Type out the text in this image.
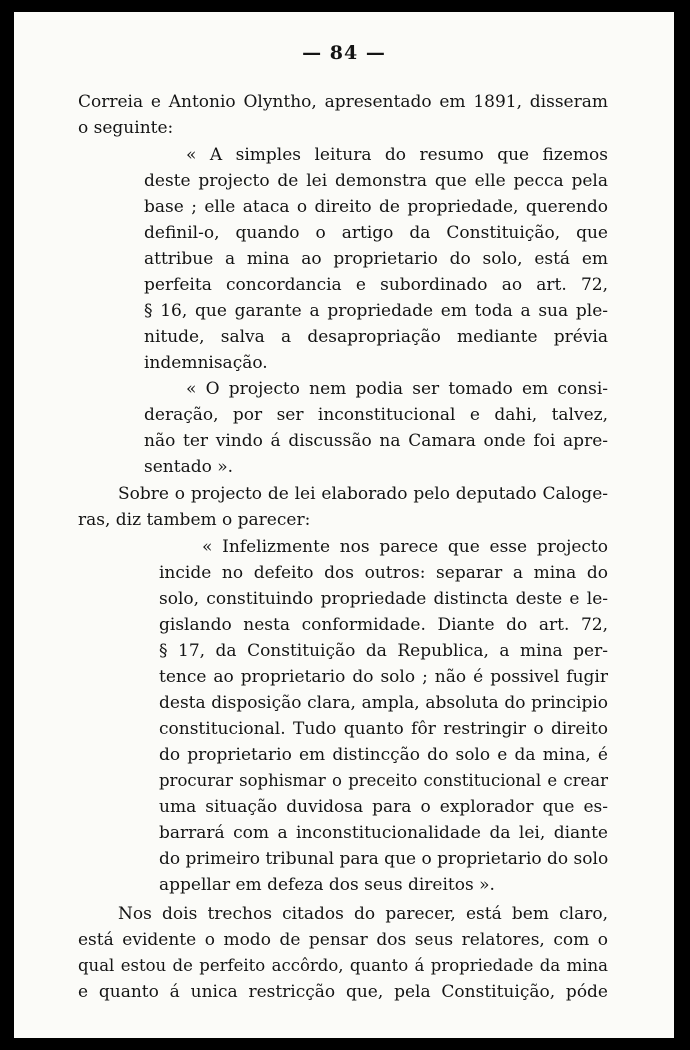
— 84 —

Correia e Antonio Olyntho, apresentado em 1891, disseram

o seguinte:

« A simples leitura do resumo que fizemos

deste projecto de lei demonstra que elle pecca pela

base ; elle ataca o direito de propriedade, querendo

definil-o, quando o artigo da Constituição, que

attribue a mina ao proprietario do solo, está em

perfeita concordancia e subordinado ao art. 72,

§ 16, que garante a propriedade em toda a sua ple-

nitude, salva a desapropriação mediante prévia

indemnisação.

« O projecto nem podia ser tomado em consi-

deração, por ser inconstitucional e dahi, talvez,

não ter vindo á discussão na Camara onde foi apre-

sentado ».

Sobre o projecto de lei elaborado pelo deputado Caloge-

ras, diz tambem o parecer:

« Infelizmente nos parece que esse projecto

incide no defeito dos outros: separar a mina do

solo, constituindo propriedade distincta deste e le-

gislando nesta conformidade. Diante do art. 72,

§ 17, da Constituição da Republica, a mina per-

tence ao proprietario do solo ; não é possivel fugir

desta disposição clara, ampla, absoluta do principio

constitucional. Tudo quanto fôr restringir o direito

do proprietario em distincção do solo e da mina, é

procurar sophismar o preceito constitucional e crear

uma situação duvidosa para o explorador que es-

barrará com a inconstitucionalidade da lei, diante

do primeiro tribunal para que o proprietario do solo

appellar em defeza dos seus direitos ».

Nos dois trechos citados do parecer, está bem claro,

está evidente o modo de pensar dos seus relatores, com o

qual estou de perfeito accôrdo, quanto á propriedade da mina

e quanto á unica restricção que, pela Constituição, póde
